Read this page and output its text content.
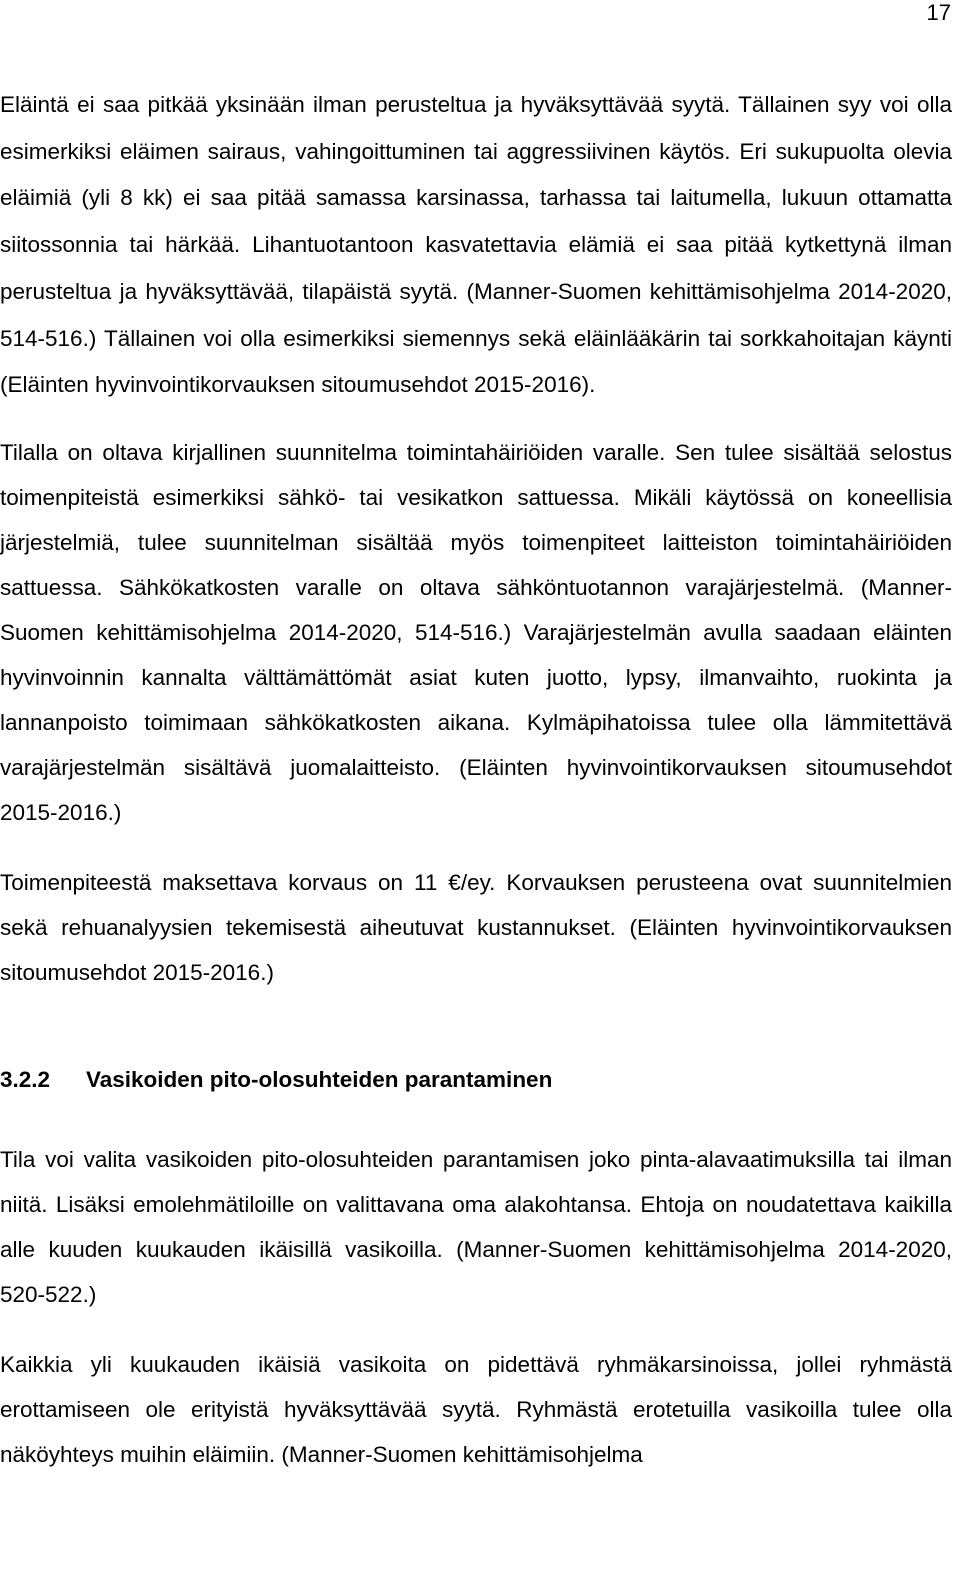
17

Eläintä ei saa pitkää yksinään ilman perusteltua ja hyväksyttävää syytä. Tällainen syy voi olla esimerkiksi eläimen sairaus, vahingoittuminen tai aggressiivinen käytös. Eri sukupuolta olevia eläimiä (yli 8 kk) ei saa pitää samassa karsinassa, tarhassa tai laitumella, lukuun ottamatta siitossonnia tai härkää. Lihantuotantoon kasvatettavia elämiä ei saa pitää kytkettynä ilman perusteltua ja hyväksyttävää, tilapäistä syytä. (Manner-Suomen kehittämisohjelma 2014‑2020, 514‑516.) Tällainen voi olla esimerkiksi siemennys sekä eläinlääkärin tai sorkkahoitajan käynti (Eläinten hyvinvointikorvauksen sitoumusehdot 2015‑2016).

Tilalla on oltava kirjallinen suunnitelma toimintahäiriöiden varalle. Sen tulee sisältää selostus toimenpiteistä esimerkiksi sähkö- tai vesikatkon sattuessa. Mikäli käytössä on koneellisia järjestelmiä, tulee suunnitelman sisältää myös toimenpiteet laitteiston toimintahäiriöiden sattuessa. Sähkökatkosten varalle on oltava sähköntuotannon varajärjestelmä. (Manner-Suomen kehittämisohjelma 2014‑2020, 514‑516.) Varajärjestelmän avulla saadaan eläinten hyvinvoinnin kannalta välttämättömät asiat kuten juotto, lypsy, ilmanvaihto, ruokinta ja lannanpoisto toimimaan sähkökatkosten aikana. Kylmäpihatoissa tulee olla lämmitettävä varajärjestelmän sisältävä juomalaitteisto. (Eläinten hyvinvointikorvauksen sitoumusehdot 2015‑2016.)

Toimenpiteestä maksettava korvaus on 11 €/ey. Korvauksen perusteena ovat suunnitelmien sekä rehuanalyysien tekemisestä aiheutuvat kustannukset. (Eläinten hyvinvointikorvauksen sitoumusehdot 2015‑2016.)

3.2.2	Vasikoiden pito-olosuhteiden parantaminen

Tila voi valita vasikoiden pito-olosuhteiden parantamisen joko pinta-alavaatimuksilla tai ilman niitä. Lisäksi emolehmätiloille on valittavana oma alakohtansa. Ehtoja on noudatettava kaikilla alle kuuden kuukauden ikäisillä vasikoilla. (Manner-Suomen kehittämisohjelma 2014‑2020, 520-522.)

Kaikkia yli kuukauden ikäisiä vasikoita on pidettävä ryhmäkarsinoissa, jollei ryhmästä erottamiseen ole erityistä hyväksyttävää syytä. Ryhmästä erotetuilla vasikoilla tulee olla näköyhteys muihin eläimiin. (Manner-Suomen kehittämisohjelma
